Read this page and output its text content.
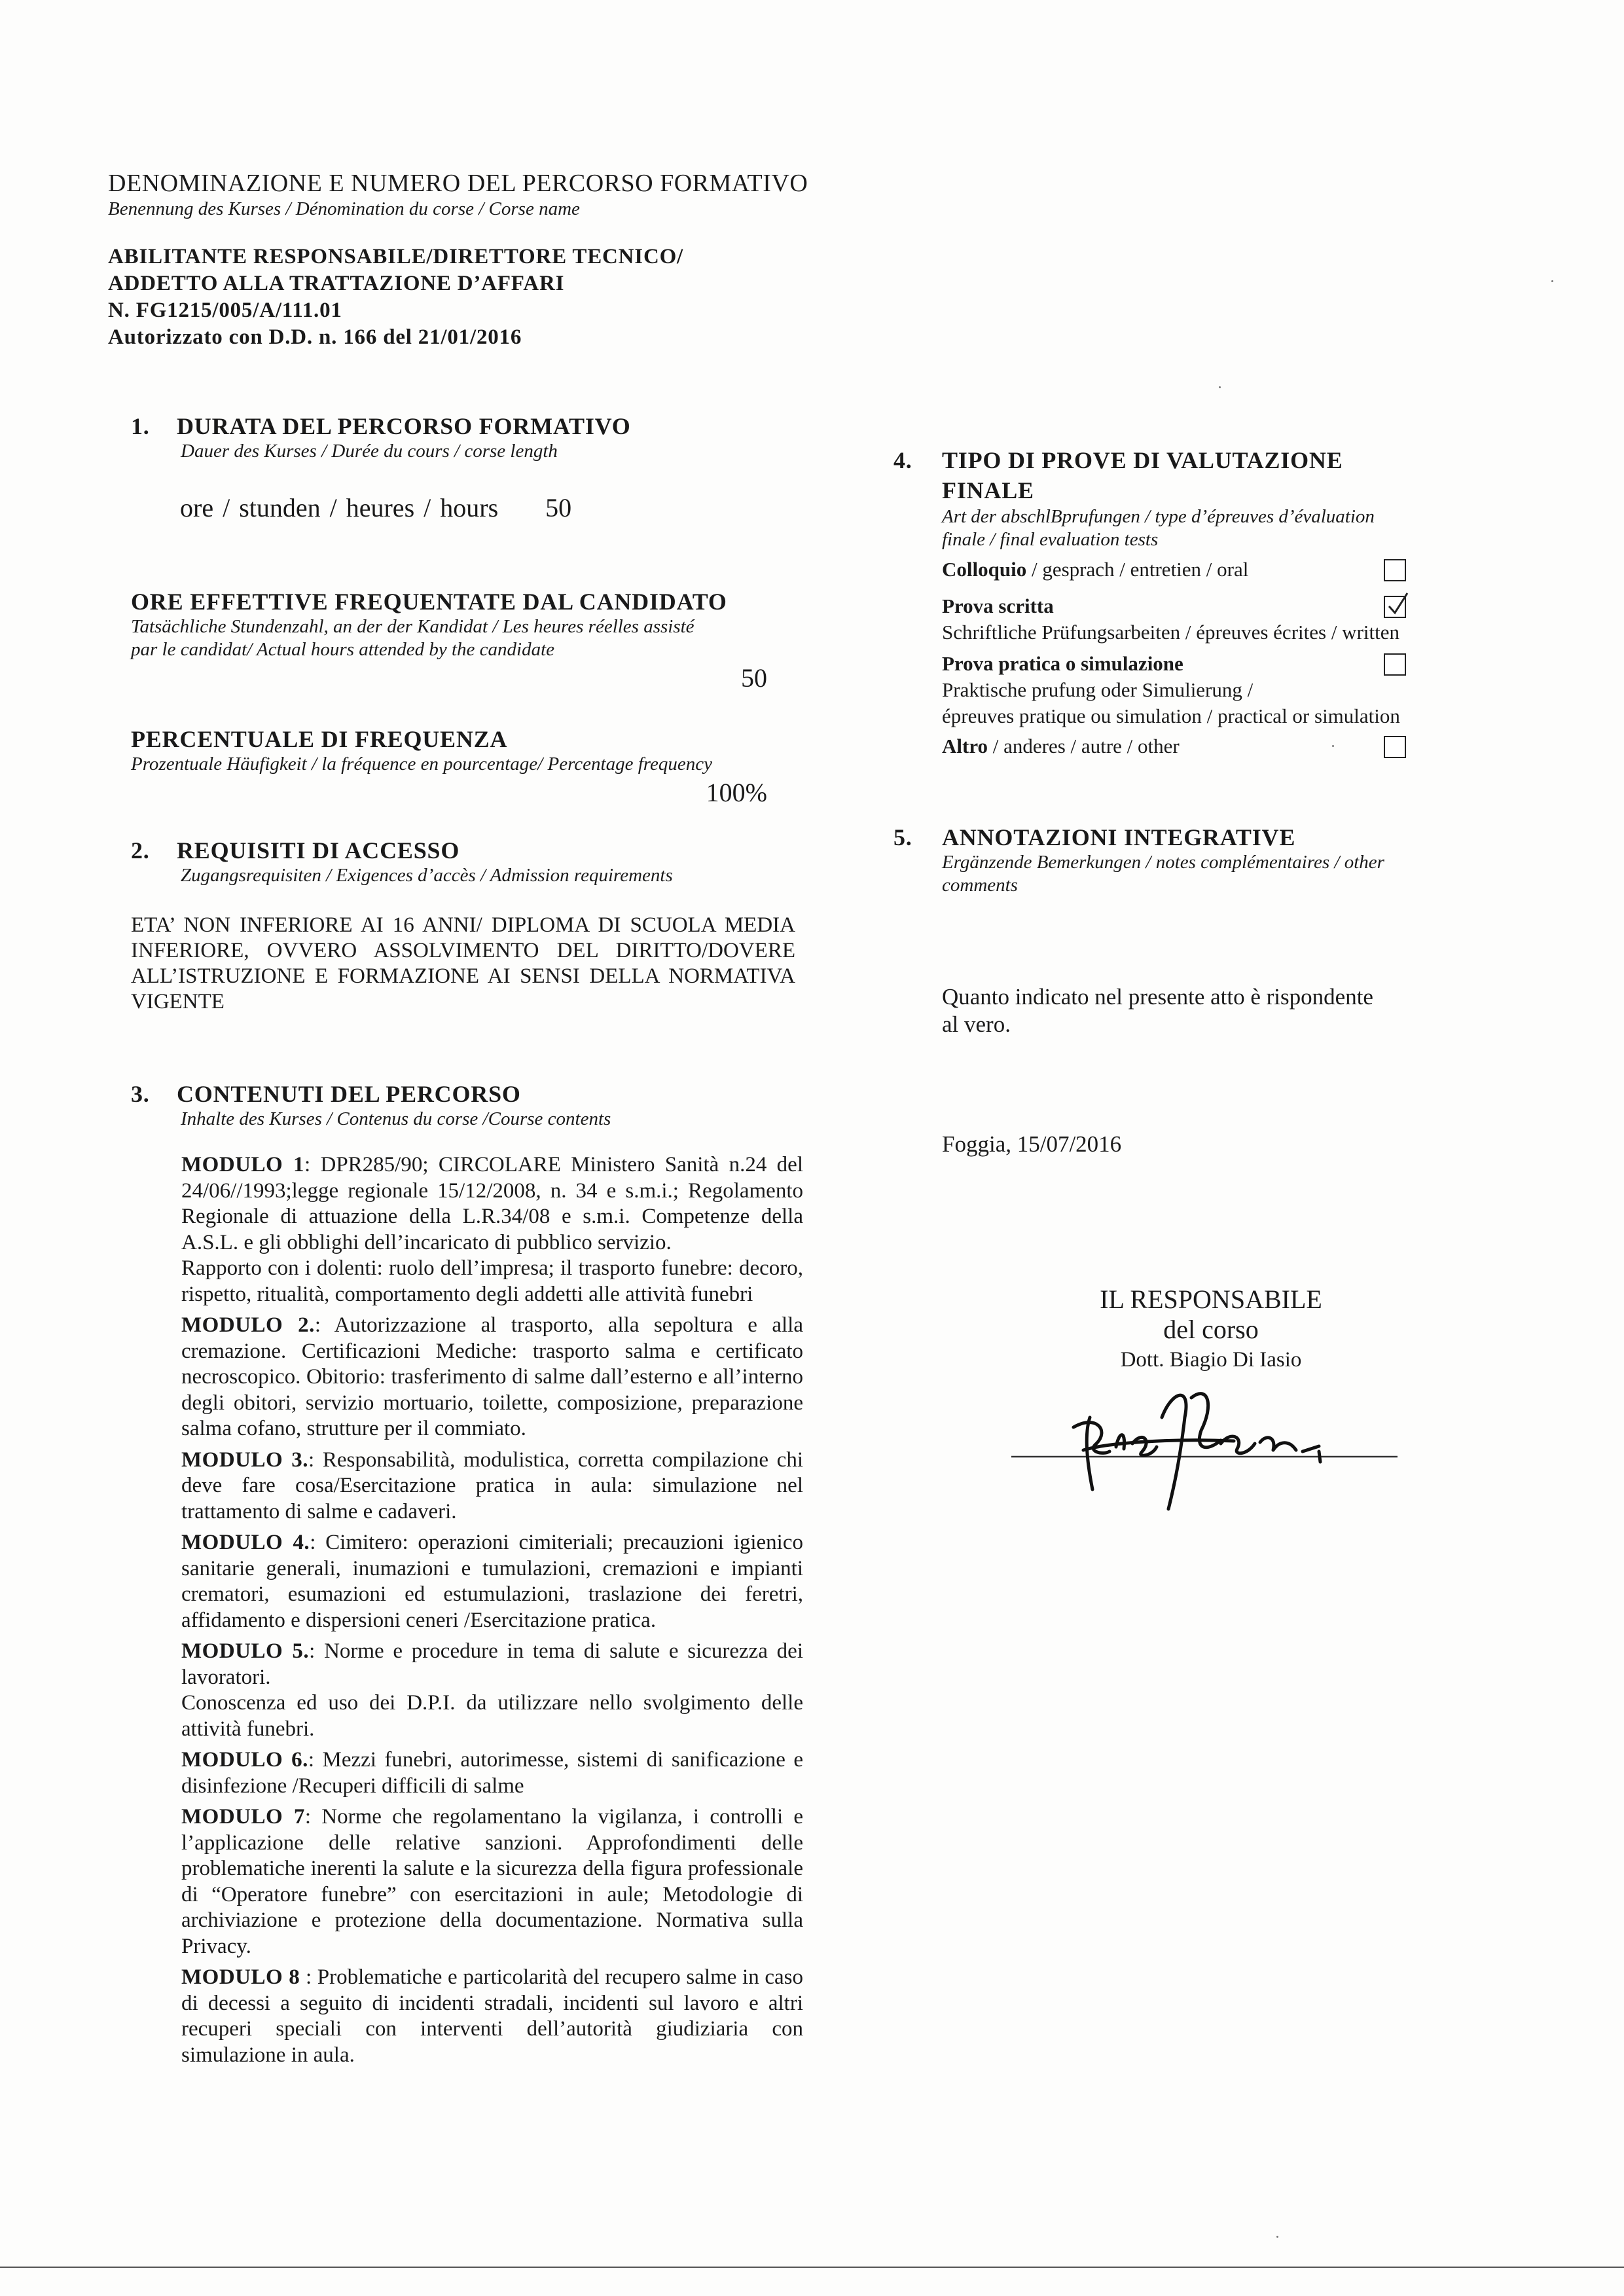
DENOMINAZIONE E NUMERO DEL PERCORSO FORMATIVO
Benennung des Kurses / Dénomination du corse / Corse name
ABILITANTE RESPONSABILE/DIRETTORE TECNICO/
ADDETTO ALLA TRATTAZIONE D’AFFARI
N. FG1215/005/A/111.01
Autorizzato con D.D. n. 166 del 21/01/2016
1. DURATA DEL PERCORSO FORMATIVO
Dauer des Kurses / Durée du cours / corse length
ore / stunden / heures / hours 50
ORE EFFETTIVE FREQUENTATE DAL CANDIDATO
Tatsächliche Stundenzahl, an der der Kandidat / Les heures réelles assisté
par le candidat/ Actual hours attended by the candidate
50
PERCENTUALE DI FREQUENZA
Prozentuale Häufigkeit / la fréquence en pourcentage/ Percentage frequency
100%
2. REQUISITI DI ACCESSO
Zugangsrequisiten / Exigences d’accès / Admission requirements
ETA’ NON INFERIORE AI 16 ANNI/ DIPLOMA DI SCUOLA MEDIA INFERIORE, OVVERO ASSOLVIMENTO DEL DIRITTO/DOVERE ALL’ISTRUZIONE E FORMAZIONE AI SENSI DELLA NORMATIVA VIGENTE
3. CONTENUTI DEL PERCORSO
Inhalte des Kurses / Contenus du corse /Course contents

MODULO 1: DPR285/90; CIRCOLARE Ministero Sanità n.24 del 24/06//1993;legge regionale 15/12/2008, n. 34 e s.m.i.; Regolamento Regionale di attuazione della L.R.34/08 e s.m.i. Competenze della A.S.L. e gli obblighi dell’incaricato di pubblico servizio.
Rapporto con i dolenti: ruolo dell’impresa; il trasporto funebre: decoro, rispetto, ritualità, comportamento degli addetti alle attività funebri

MODULO 2.: Autorizzazione al trasporto, alla sepoltura e alla cremazione. Certificazioni Mediche: trasporto salma e certificato necroscopico. Obitorio: trasferimento di salme dall’esterno e all’interno degli obitori, servizio mortuario, toilette, composizione, preparazione salma cofano, strutture per il commiato.

MODULO 3.: Responsabilità, modulistica, corretta compilazione chi deve fare cosa/Esercitazione pratica in aula: simulazione nel trattamento di salme e cadaveri.

MODULO 4.: Cimitero: operazioni cimiteriali; precauzioni igienico sanitarie generali, inumazioni e tumulazioni, cremazioni e impianti crematori, esumazioni ed estumulazioni, traslazione dei feretri, affidamento e dispersioni ceneri /Esercitazione pratica.

MODULO 5.: Norme e procedure in tema di salute e sicurezza dei lavoratori.
Conoscenza ed uso dei D.P.I. da utilizzare nello svolgimento delle attività funebri.

MODULO 6.: Mezzi funebri, autorimesse, sistemi di sanificazione e disinfezione /Recuperi difficili di salme

MODULO 7: Norme che regolamentano la vigilanza, i controlli e l’applicazione delle relative sanzioni. Approfondimenti delle problematiche inerenti la salute e la sicurezza della figura professionale di “Operatore funebre” con esercitazioni in aule; Metodologie di archiviazione e protezione della documentazione. Normativa sulla Privacy.

MODULO 8 : Problematiche e particolarità del recupero salme in caso di decessi a seguito di incidenti stradali, incidenti sul lavoro e altri recuperi speciali con interventi dell’autorità giudiziaria con simulazione in aula.

4. TIPO DI PROVE DI VALUTAZIONE
FINALE
Art der abschlBprufungen / type d’épreuves d’évaluation
finale / final evaluation tests
Colloquio / gesprach / entretien / oral
Prova scritta
Schriftliche Prüfungsarbeiten / épreuves écrites / written
Prova pratica o simulazione
Praktische prufung oder Simulierung /
épreuves pratique ou simulation / practical or simulation
Altro / anderes / autre / other
5. ANNOTAZIONI INTEGRATIVE
Ergänzende Bemerkungen / notes complémentaires / other
comments
Quanto indicato nel presente atto è rispondente
al vero.
Foggia, 15/07/2016
IL RESPONSABILE
del corso
Dott. Biagio Di Iasio
